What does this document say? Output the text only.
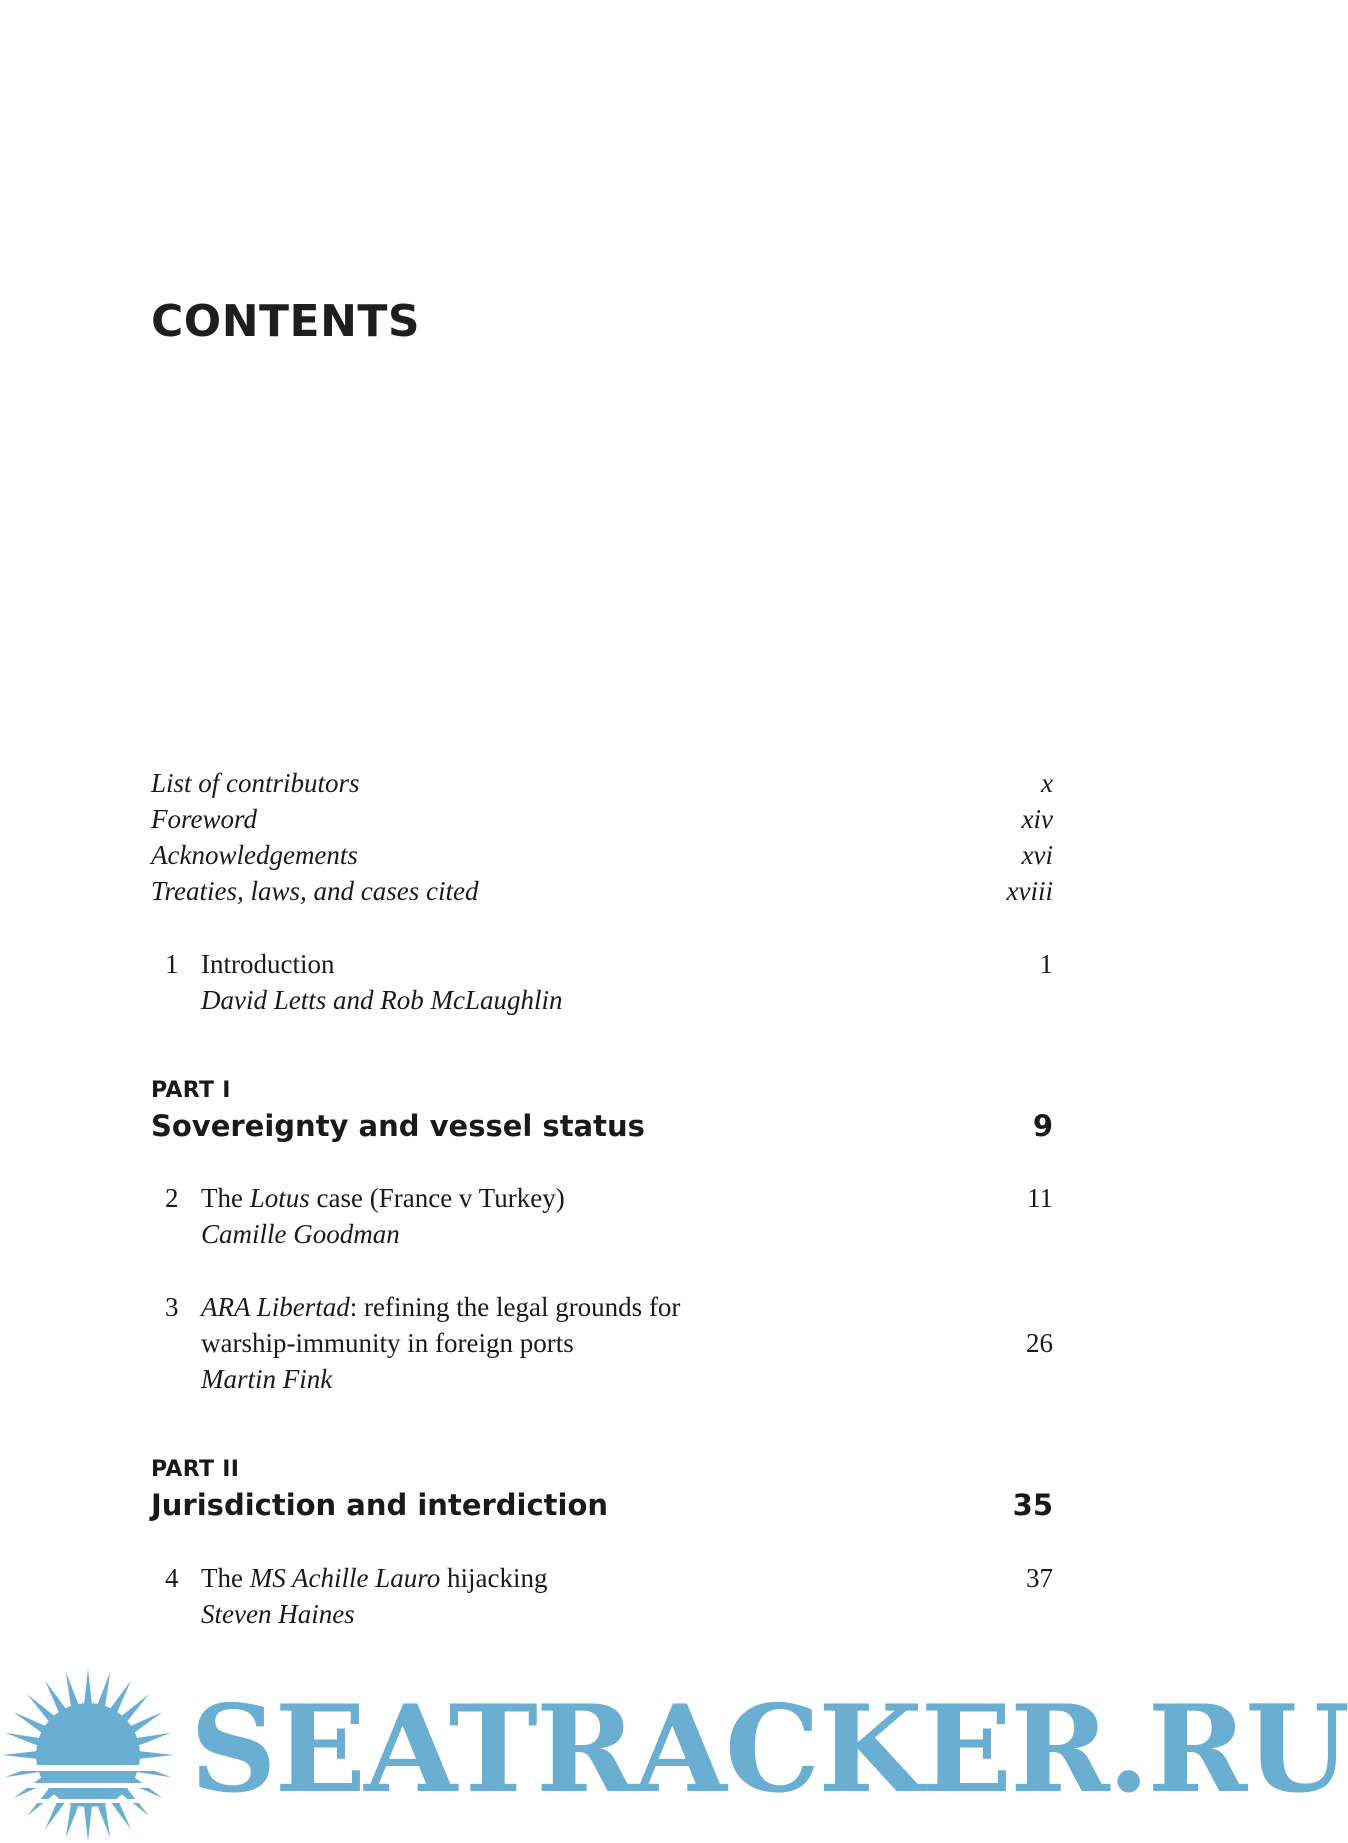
CONTENTS
List of contributors	x
Foreword	xiv
Acknowledgements	xvi
Treaties, laws, and cases cited	xviii
1 Introduction	1
David Letts and Rob McLaughlin
PART I
Sovereignty and vessel status	9
2 The Lotus case (France v Turkey)	11
Camille Goodman
3 ARA Libertad: refining the legal grounds for
warship-immunity in foreign ports	26
Martin Fink
PART II
Jurisdiction and interdiction	35
4 The MS Achille Lauro hijacking	37
Steven Haines
SEATRACKER.RU
